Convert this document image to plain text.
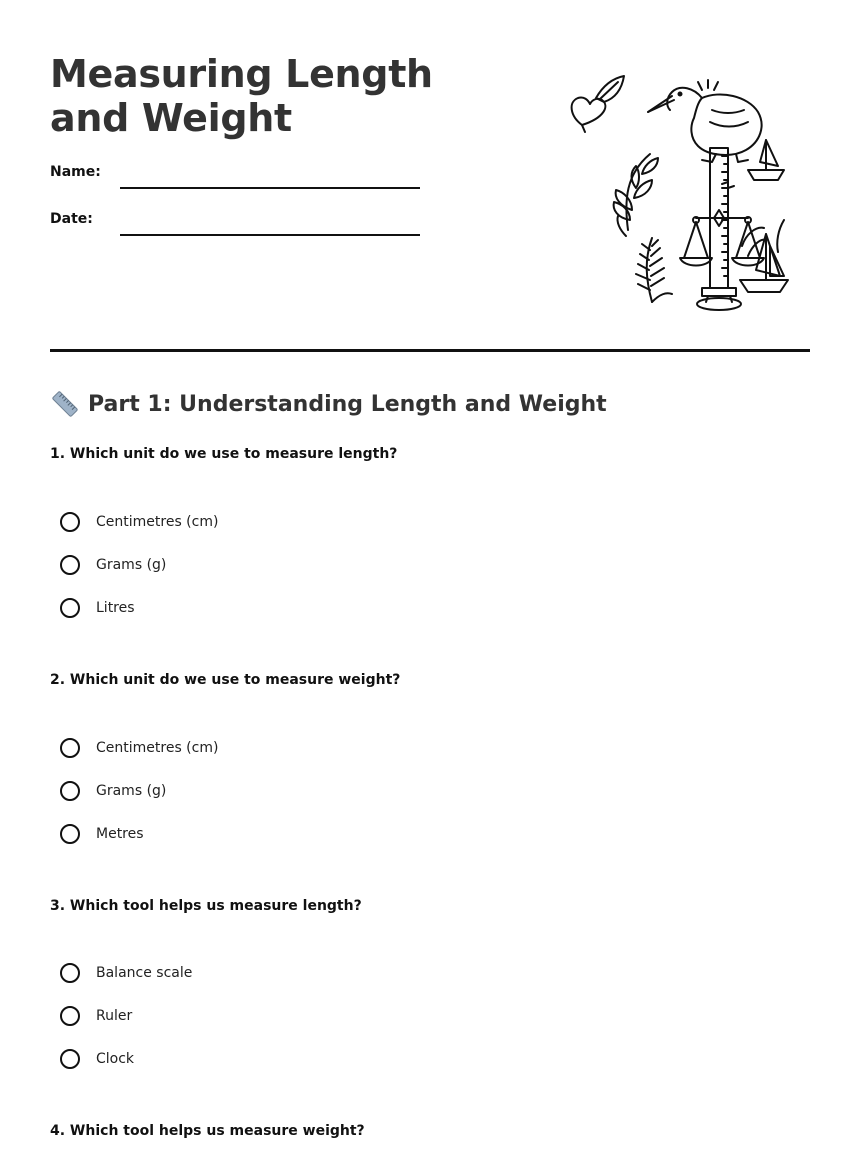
Measuring Length and Weight
Name:
Date:
Part 1: Understanding Length and Weight
1. Which unit do we use to measure length?
Centimetres (cm)
Grams (g)
Litres
2. Which unit do we use to measure weight?
Centimetres (cm)
Grams (g)
Metres
3. Which tool helps us measure length?
Balance scale
Ruler
Clock
4. Which tool helps us measure weight?
